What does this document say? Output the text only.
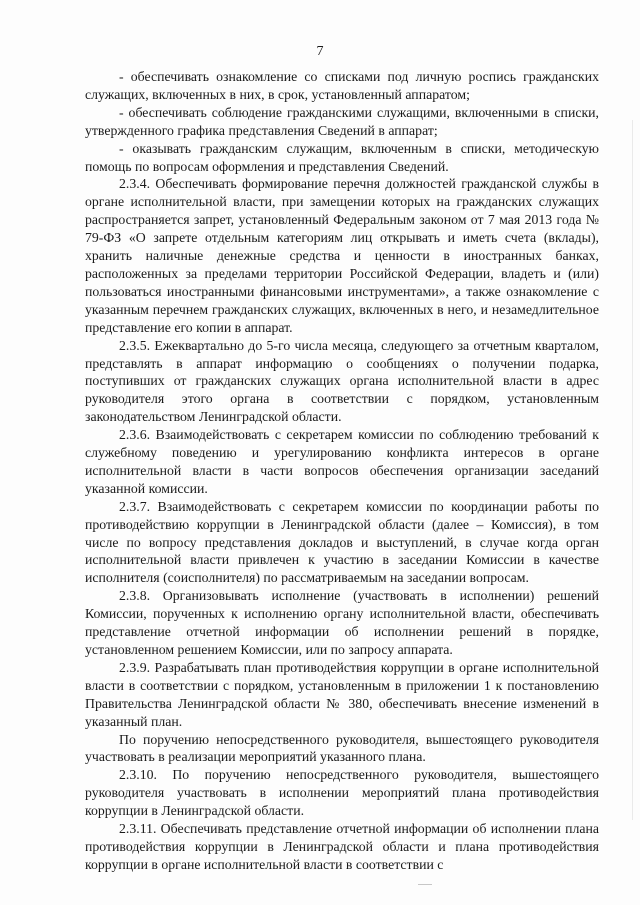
7

- обеспечивать ознакомление со списками под личную роспись гражданских служащих, включенных в них, в срок, установленный аппаратом;

- обеспечивать соблюдение гражданскими служащими, включенными в списки, утвержденного графика представления Сведений в аппарат;

- оказывать гражданским служащим, включенным в списки, методическую помощь по вопросам оформления и представления Сведений.

2.3.4. Обеспечивать формирование перечня должностей гражданской службы в органе исполнительной власти, при замещении которых на гражданских служащих распространяется запрет, установленный Федеральным законом от 7 мая 2013 года № 79-ФЗ «О запрете отдельным категориям лиц открывать и иметь счета (вклады), хранить наличные денежные средства и ценности в иностранных банках, расположенных за пределами территории Российской Федерации, владеть и (или) пользоваться иностранными финансовыми инструментами», а также ознакомление с указанным перечнем гражданских служащих, включенных в него, и незамедлительное представление его копии в аппарат.

2.3.5. Ежеквартально до 5-го числа месяца, следующего за отчетным кварталом, представлять в аппарат информацию о сообщениях о получении подарка, поступивших от гражданских служащих органа исполнительной власти в адрес руководителя этого органа в соответствии с порядком, установленным законодательством Ленинградской области.

2.3.6. Взаимодействовать с секретарем комиссии по соблюдению требований к служебному поведению и урегулированию конфликта интересов в органе исполнительной власти в части вопросов обеспечения организации заседаний указанной комиссии.

2.3.7. Взаимодействовать с секретарем комиссии по координации работы по противодействию коррупции в Ленинградской области (далее – Комиссия), в том числе по вопросу представления докладов и выступлений, в случае когда орган исполнительной власти привлечен к участию в заседании Комиссии в качестве исполнителя (соисполнителя) по рассматриваемым на заседании вопросам.

2.3.8. Организовывать исполнение (участвовать в исполнении) решений Комиссии, порученных к исполнению органу исполнительной власти, обеспечивать представление отчетной информации об исполнении решений в порядке, установленном решением Комиссии, или по запросу аппарата.

2.3.9. Разрабатывать план противодействия коррупции в органе исполнительной власти в соответствии с порядком, установленным в приложении 1 к постановлению Правительства Ленинградской области № 380, обеспечивать внесение изменений в указанный план.

По поручению непосредственного руководителя, вышестоящего руководителя участвовать в реализации мероприятий указанного плана.

2.3.10. По поручению непосредственного руководителя, вышестоящего руководителя участвовать в исполнении мероприятий плана противодействия коррупции в Ленинградской области.

2.3.11. Обеспечивать представление отчетной информации об исполнении плана противодействия коррупции в Ленинградской области и плана противодействия коррупции в органе исполнительной власти в соответствии с
